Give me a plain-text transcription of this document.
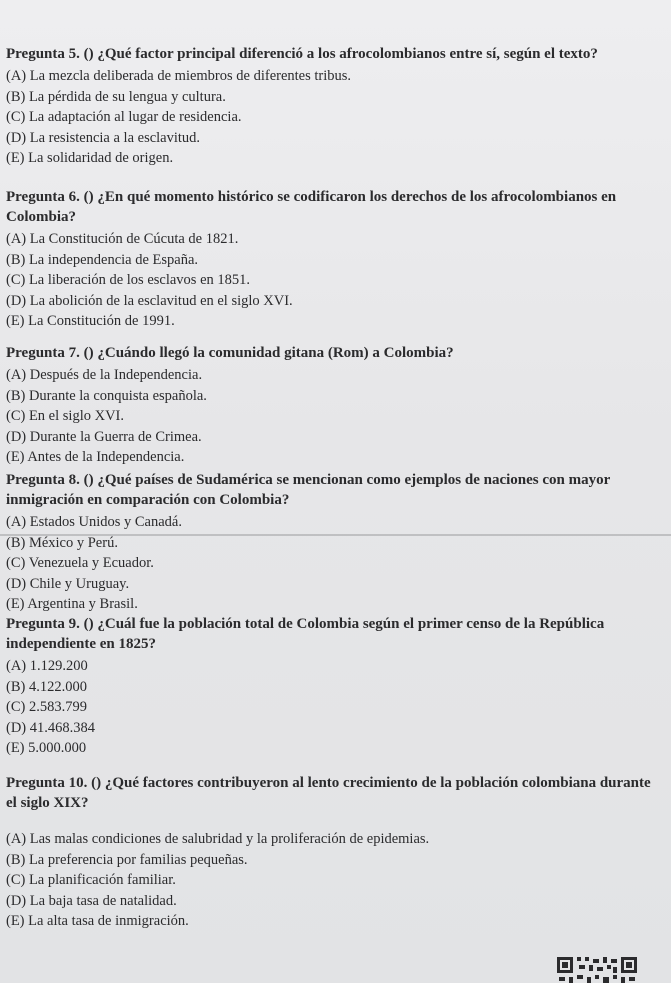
Pregunta 5. () ¿Qué factor principal diferenció a los afrocolombianos entre sí, según el texto?

(A) La mezcla deliberada de miembros de diferentes tribus.

(B) La pérdida de su lengua y cultura.

(C) La adaptación al lugar de residencia.

(D) La resistencia a la esclavitud.

(E) La solidaridad de origen.

Pregunta 6. () ¿En qué momento histórico se codificaron los derechos de los afrocolombianos en Colombia?

(A) La Constitución de Cúcuta de 1821.

(B) La independencia de España.

(C) La liberación de los esclavos en 1851.

(D) La abolición de la esclavitud en el siglo XVI.

(E) La Constitución de 1991.

Pregunta 7. () ¿Cuándo llegó la comunidad gitana (Rom) a Colombia?

(A) Después de la Independencia.

(B) Durante la conquista española.

(C) En el siglo XVI.

(D) Durante la Guerra de Crimea.

(E) Antes de la Independencia.

Pregunta 8. () ¿Qué países de Sudamérica se mencionan como ejemplos de naciones con mayor inmigración en comparación con Colombia?

(A) Estados Unidos y Canadá.

(B) México y Perú.

(C) Venezuela y Ecuador.

(D) Chile y Uruguay.

(E) Argentina y Brasil.

Pregunta 9. () ¿Cuál fue la población total de Colombia según el primer censo de la República independiente en 1825?

(A) 1.129.200

(B) 4.122.000

(C) 2.583.799

(D) 41.468.384

(E) 5.000.000

Pregunta 10. () ¿Qué factores contribuyeron al lento crecimiento de la población colombiana durante el siglo XIX?

(A) Las malas condiciones de salubridad y la proliferación de epidemias.

(B) La preferencia por familias pequeñas.

(C) La planificación familiar.

(D) La baja tasa de natalidad.

(E) La alta tasa de inmigración.
